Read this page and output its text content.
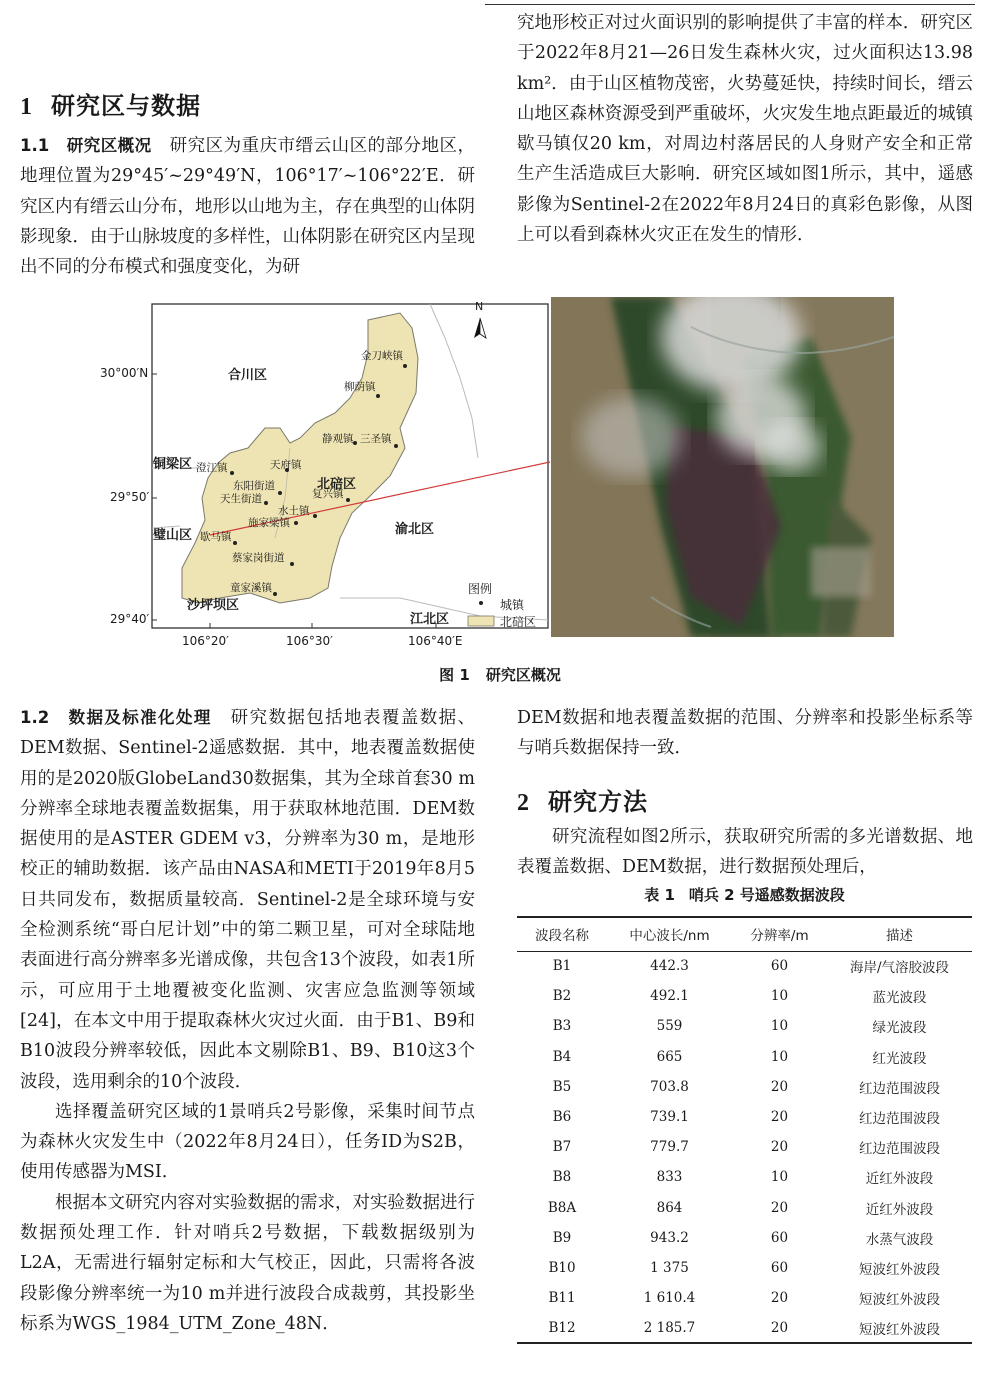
究地形校正对过火面识别的影响提供了丰富的样本．研究区于2022年8月21—26日发生森林火灾，过火面积达13.98 km²．由于山区植物茂密，火势蔓延快，持续时间长，缙云山地区森林资源受到严重破坏，火灾发生地点距最近的城镇歇马镇仅20 km，对周边村落居民的人身财产安全和正常生产生活造成巨大影响．研究区域如图1所示，其中，遥感影像为Sentinel-2在2022年8月24日的真彩色影像，从图上可以看到森林火灾正在发生的情形．

1 研究区与数据

1.1　研究区概况　 研究区为重庆市缙云山区的部分地区，地理位置为29°45′~29°49′N，106°17′~106°22′E．研究区内有缙云山分布，地形以山地为主，存在典型的山体阴影现象．由于山脉坡度的多样性，山体阴影在研究区内呈现出不同的分布模式和强度变化，为研

30°00′N
29°50′
29°40′
106°20′	106°30′	106°40′E
N
合川区
铜梁区
璧山区
沙坪坝区
渝北区
江北区
北碚区
金刀峡镇
柳荫镇
静观镇 三圣镇
天府镇
澄江镇
东阳街道
天生街道	复兴镇
水土镇
施家梁镇
歇马镇
蔡家岗街道
童家溪镇	图例
城镇
北碚区
图 1 研究区概况

1.2　数据及标准化处理　 研究数据包括地表覆盖数据、DEM数据、Sentinel-2遥感数据．其中，地表覆盖数据使用的是2020版GlobeLand30数据集，其为全球首套30 m分辨率全球地表覆盖数据集，用于获取林地范围．DEM数据使用的是ASTER GDEM v3，分辨率为30 m，是地形校正的辅助数据．该产品由NASA和METI于2019年8月5日共同发布，数据质量较高．Sentinel-2是全球环境与安全检测系统“哥白尼计划”中的第二颗卫星，可对全球陆地表面进行高分辨率多光谱成像，共包含13个波段，如表1所示，可应用于土地覆被变化监测、灾害应急监测等领域[24]，在本文中用于提取森林火灾过火面．由于B1、B9和B10波段分辨率较低，因此本文剔除B1、B9、B10这3个波段，选用剩余的10个波段．

选择覆盖研究区域的1景哨兵2号影像，采集时间节点为森林火灾发生中（2022年8月24日），任务ID为S2B，使用传感器为MSI．

根据本文研究内容对实验数据的需求，对实验数据进行数据预处理工作．针对哨兵2号数据，下载数据级别为L2A，无需进行辐射定标和大气校正，因此，只需将各波段影像分辨率统一为10 m并进行波段合成裁剪，其投影坐标系为WGS_1984_UTM_Zone_48N．

DEM数据和地表覆盖数据的范围、分辨率和投影坐标系等与哨兵数据保持一致．

2 研究方法

研究流程如图2所示，获取研究所需的多光谱数据、地表覆盖数据、DEM数据，进行数据预处理后，

表 1 哨兵 2 号遥感数据波段
波段名称	中心波长/nm	分辨率/m	描述
B1	442.3	60	海岸/气溶胶波段
B2	492.1	10	蓝光波段
B3	559	10	绿光波段
B4	665	10	红光波段
B5	703.8	20	红边范围波段
B6	739.1	20	红边范围波段
B7	779.7	20	红边范围波段
B8	833	10	近红外波段
B8A	864	20	近红外波段
B9	943.2	60	水蒸气波段
B10	1 375	60	短波红外波段
B11	1 610.4	20	短波红外波段
B12	2 185.7	20	短波红外波段
